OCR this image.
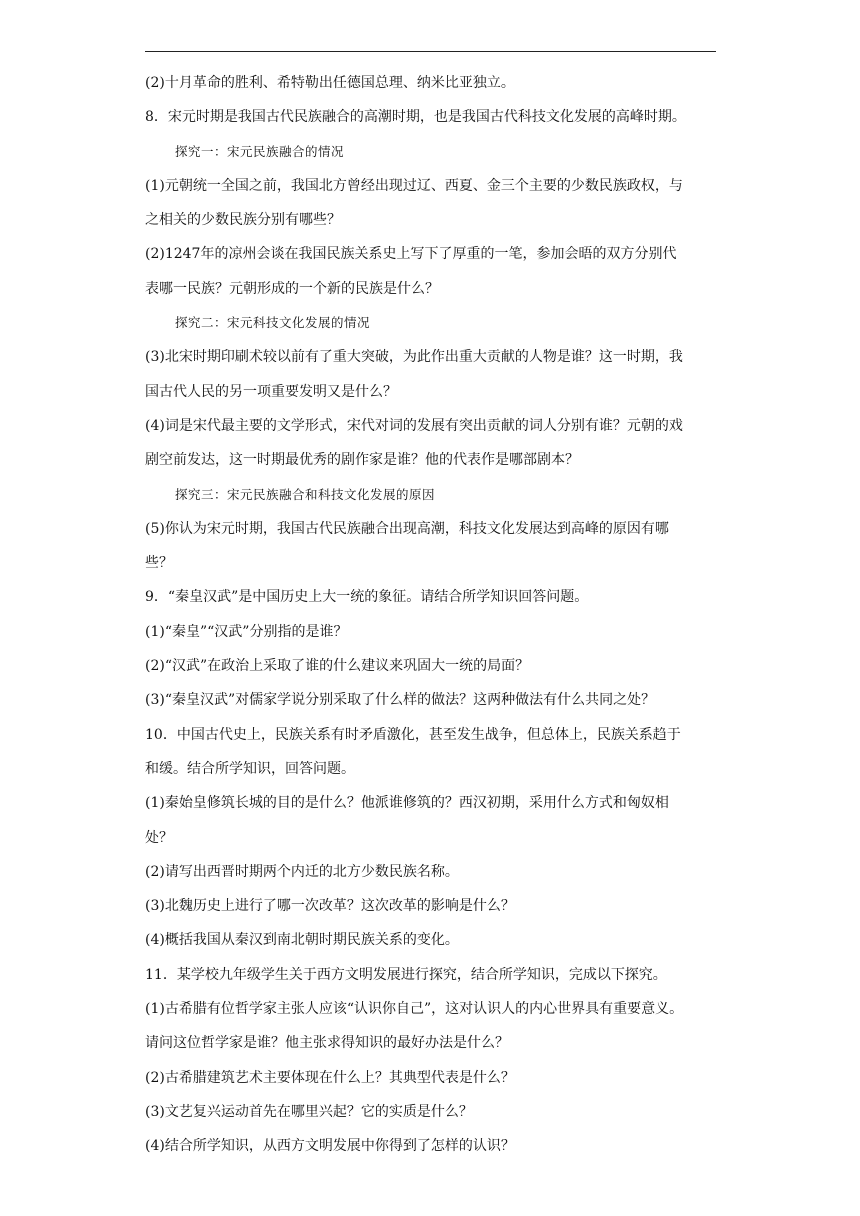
(2)十月革命的胜利、希特勒出任德国总理、纳米比亚独立。

8．宋元时期是我国古代民族融合的高潮时期，也是我国古代科技文化发展的高峰时期。

探究一：宋元民族融合的情况

(1)元朝统一全国之前，我国北方曾经出现过辽、西夏、金三个主要的少数民族政权，与

之相关的少数民族分别有哪些？

(2)1247年的凉州会谈在我国民族关系史上写下了厚重的一笔，参加会晤的双方分别代

表哪一民族？元朝形成的一个新的民族是什么？

探究二：宋元科技文化发展的情况

(3)北宋时期印刷术较以前有了重大突破，为此作出重大贡献的人物是谁？这一时期，我

国古代人民的另一项重要发明又是什么？

(4)词是宋代最主要的文学形式，宋代对词的发展有突出贡献的词人分别有谁？元朝的戏

剧空前发达，这一时期最优秀的剧作家是谁？他的代表作是哪部剧本？

探究三：宋元民族融合和科技文化发展的原因

(5)你认为宋元时期，我国古代民族融合出现高潮，科技文化发展达到高峰的原因有哪

些？

9．“秦皇汉武”是中国历史上大一统的象征。请结合所学知识回答问题。

(1)“秦皇”“汉武”分别指的是谁？

(2)“汉武”在政治上采取了谁的什么建议来巩固大一统的局面？

(3)“秦皇汉武”对儒家学说分别采取了什么样的做法？这两种做法有什么共同之处？

10．中国古代史上，民族关系有时矛盾激化，甚至发生战争，但总体上，民族关系趋于

和缓。结合所学知识，回答问题。

(1)秦始皇修筑长城的目的是什么？他派谁修筑的？西汉初期，采用什么方式和匈奴相

处？

(2)请写出西晋时期两个内迁的北方少数民族名称。

(3)北魏历史上进行了哪一次改革？这次改革的影响是什么？

(4)概括我国从秦汉到南北朝时期民族关系的变化。

11．某学校九年级学生关于西方文明发展进行探究，结合所学知识，完成以下探究。

(1)古希腊有位哲学家主张人应该“认识你自己”，这对认识人的内心世界具有重要意义。

请问这位哲学家是谁？他主张求得知识的最好办法是什么？

(2)古希腊建筑艺术主要体现在什么上？其典型代表是什么？

(3)文艺复兴运动首先在哪里兴起？它的实质是什么？

(4)结合所学知识，从西方文明发展中你得到了怎样的认识？
